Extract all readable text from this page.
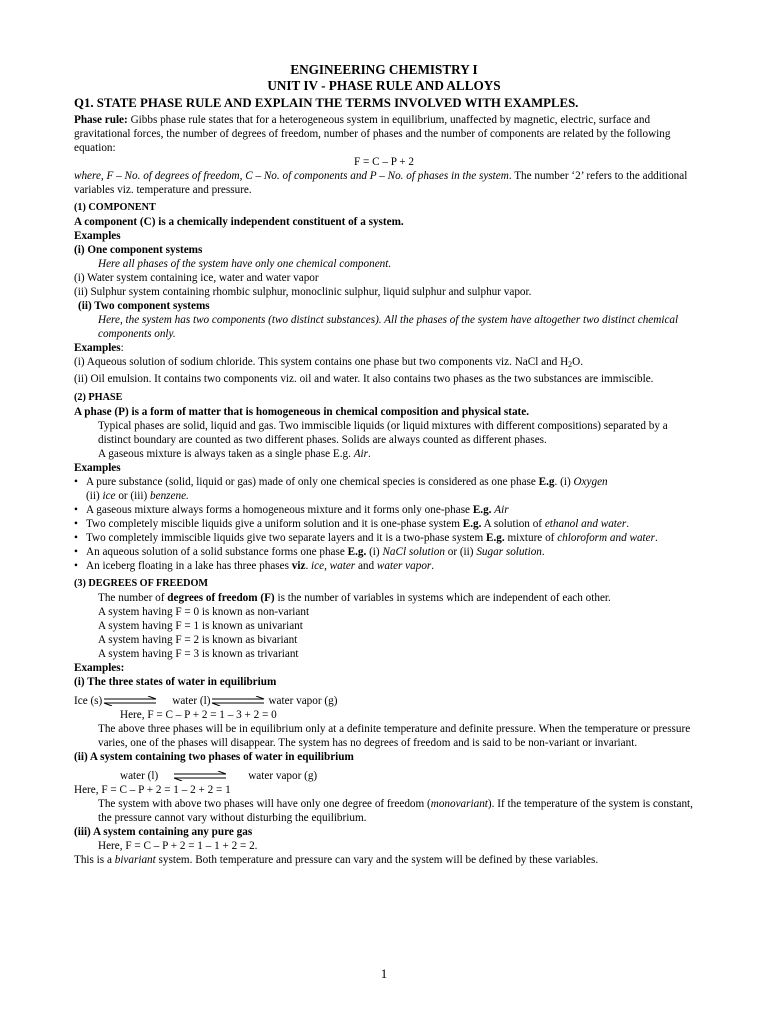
ENGINEERING CHEMISTRY I

UNIT IV - PHASE RULE AND ALLOYS

Q1. STATE PHASE RULE AND EXPLAIN THE TERMS INVOLVED WITH EXAMPLES.

Phase rule: Gibbs phase rule states that for a heterogeneous system in equilibrium, unaffected by magnetic, electric, surface and gravitational forces, the number of degrees of freedom, number of phases and the number of components are related by the following equation:

F = C – P + 2

where, F – No. of degrees of freedom, C – No. of components and P – No. of phases in the system. The number ‘2’ refers to the additional variables viz. temperature and pressure.

(1) COMPONENT

A component (C) is a chemically independent constituent of a system.

Examples

(i) One component systems

Here all phases of the system have only one chemical component.

(i) Water system containing ice, water and water vapor

(ii) Sulphur system containing rhombic sulphur, monoclinic sulphur, liquid sulphur and sulphur vapor.

(ii) Two component systems

Here, the system has two components (two distinct substances). All the phases of the system have altogether two distinct chemical components only.

Examples:

(i) Aqueous solution of sodium chloride. This system contains one phase but two components viz. NaCl and $H_2O$.

(ii) Oil emulsion. It contains two components viz. oil and water. It also contains two phases as the two substances are immiscible.

(2) PHASE

A phase (P) is a form of matter that is homogeneous in chemical composition and physical state.

Typical phases are solid, liquid and gas. Two immiscible liquids (or liquid mixtures with different compositions) separated by a distinct boundary are counted as two different phases. Solids are always counted as different phases.

A gaseous mixture is always taken as a single phase E.g. Air.

Examples

• A pure substance (solid, liquid or gas) made of only one chemical species is considered as one phase E.g. (i) Oxygen
(ii) ice or (iii) benzene.
• A gaseous mixture always forms a homogeneous mixture and it forms only one-phase E.g. Air
• Two completely miscible liquids give a uniform solution and it is one-phase system E.g. A solution of ethanol and water.
• Two completely immiscible liquids give two separate layers and it is a two-phase system E.g. mixture of chloroform and water.
• An aqueous solution of a solid substance forms one phase E.g. (i) NaCl solution or (ii) Sugar solution.
• An iceberg floating in a lake has three phases viz. ice, water and water vapor.

(3) DEGREES OF FREEDOM

The number of degrees of freedom (F) is the number of variables in systems which are independent of each other.

A system having F = 0 is known as non-variant

A system having F = 1 is known as univariant

A system having F = 2 is known as bivariant

A system having F = 3 is known as trivariant

Examples:

(i) The three states of water in equilibrium

Ice (s)	water (l)	water vapor (g)

Here, F = C – P + 2 = 1 – 3 + 2 = 0

The above three phases will be in equilibrium only at a definite temperature and definite pressure. When the temperature or pressure varies, one of the phases will disappear. The system has no degrees of freedom and is said to be non-variant or invariant.

(ii) A system containing two phases of water in equilibrium

water (l)	water vapor (g)

Here, F = C – P + 2 = 1 – 2 + 2 = 1

The system with above two phases will have only one degree of freedom (monovariant). If the temperature of the system is constant, the pressure cannot vary without disturbing the equilibrium.

(iii) A system containing any pure gas

Here, F = C – P + 2 = 1 – 1 + 2 = 2.

This is a bivariant system. Both temperature and pressure can vary and the system will be defined by these variables.

1
